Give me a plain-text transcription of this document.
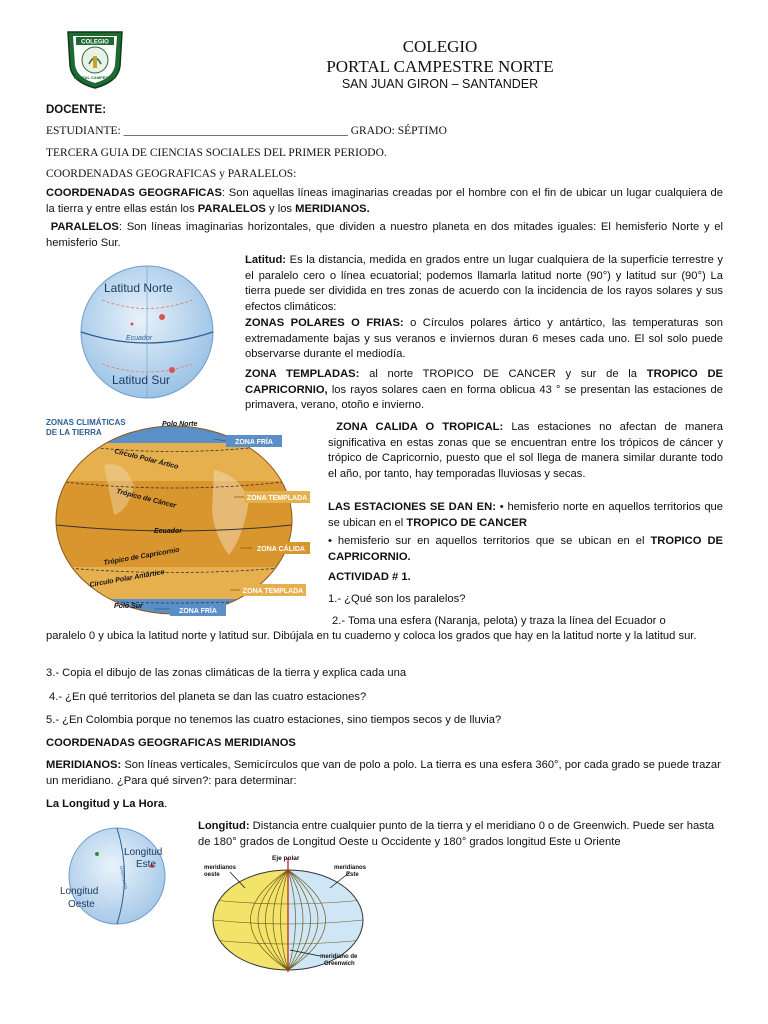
COLEGIO
PORTAL CAMPESTRE
COLEGIO
PORTAL CAMPESTRE NORTE
SAN JUAN GIRON – SANTANDER
DOCENTE:
ESTUDIANTE: _______________________________________ GRADO: SÉPTIMO
TERCERA GUIA DE CIENCIAS SOCIALES DEL PRIMER PERIODO.
COORDENADAS GEOGRAFICAS y PARALELOS:
COORDENADAS GEOGRAFICAS: Son aquellas líneas imaginarias creadas por el hombre con el fin de ubicar un lugar cualquiera de la tierra y entre ellas están los PARALELOS y los MERIDIANOS.
PARALELOS: Son líneas imaginarias horizontales, que dividen a nuestro planeta en dos mitades iguales: El hemisferio Norte y el hemisferio Sur.
Latitud Norte
Ecuador
Latitud Sur
Latitud: Es la distancia, medida en grados entre un lugar cualquiera de la superficie terrestre y el paralelo cero o línea ecuatorial; podemos llamarla latitud norte (90°) y latitud sur (90°) La tierra puede ser dividida en tres zonas de acuerdo con la incidencia de los rayos solares y sus efectos climáticos:
ZONAS POLARES O FRIAS: o Círculos polares ártico y antártico, las temperaturas son extremadamente bajas y sus veranos e inviernos duran 6 meses cada uno. El sol solo puede observarse durante el mediodía.
ZONA TEMPLADAS: al norte TROPICO DE CANCER y sur de la TROPICO DE CAPRICORNIO, los rayos solares caen en forma oblicua 43 ° se presentan las estaciones de primavera, verano, otoño e invierno.
ZONAS CLIMÁTICAS
DE LA TIERRA
Polo Norte
Círculo Polar Ártico
Trópico de Cáncer
Ecuador
Trópico de Capricornio
Círculo Polar Antártico
Polo Sur
ZONA FRÍA
ZONA TEMPLADA
ZONA CÁLIDA
ZONA TEMPLADA
ZONA FRÍA
ZONA CALIDA O TROPICAL: Las estaciones no afectan de manera significativa en estas zonas que se encuentran entre los trópicos de cáncer y trópico de Capricornio, puesto que el sol llega de manera similar durante todo el año, por tanto, hay temporadas lluviosas y secas.
LAS ESTACIONES SE DAN EN: • hemisferio norte en aquellos territorios que se ubican en el TROPICO DE CANCER
• hemisferio sur en aquellos territorios que se ubican en el TROPICO DE CAPRICORNIO.
ACTIVIDAD # 1.
1.- ¿Qué son los paralelos?
2.- Toma una esfera (Naranja, pelota) y traza la línea del Ecuador o
paralelo 0 y ubica la latitud norte y latitud sur. Dibújala en tu cuaderno y coloca los grados que hay en la latitud norte y la latitud sur.
3.- Copia el dibujo de las zonas climáticas de la tierra y explica cada una
4.- ¿En qué territorios del planeta se dan las cuatro estaciones?
5.- ¿En Colombia porque no tenemos las cuatro estaciones, sino tiempos secos y de lluvia?
COORDENADAS GEOGRAFICAS MERIDIANOS
MERIDIANOS: Son líneas verticales, Semicírculos que van de polo a polo. La tierra es una esfera 360°, por cada grado se puede trazar un meridiano. ¿Para qué sirven?: para determinar:
La Longitud y La Hora.
Longitud
Este
Longitud
Oeste
Greenwich
Longitud: Distancia entre cualquier punto de la tierra y el meridiano 0 o de Greenwich. Puede ser hasta de 180° grados de Longitud Oeste u Occidente y 180° grados longitud Este u Oriente
Eje polar
meridianos
oeste
meridianos
Este
meridiano de
Greenwich
